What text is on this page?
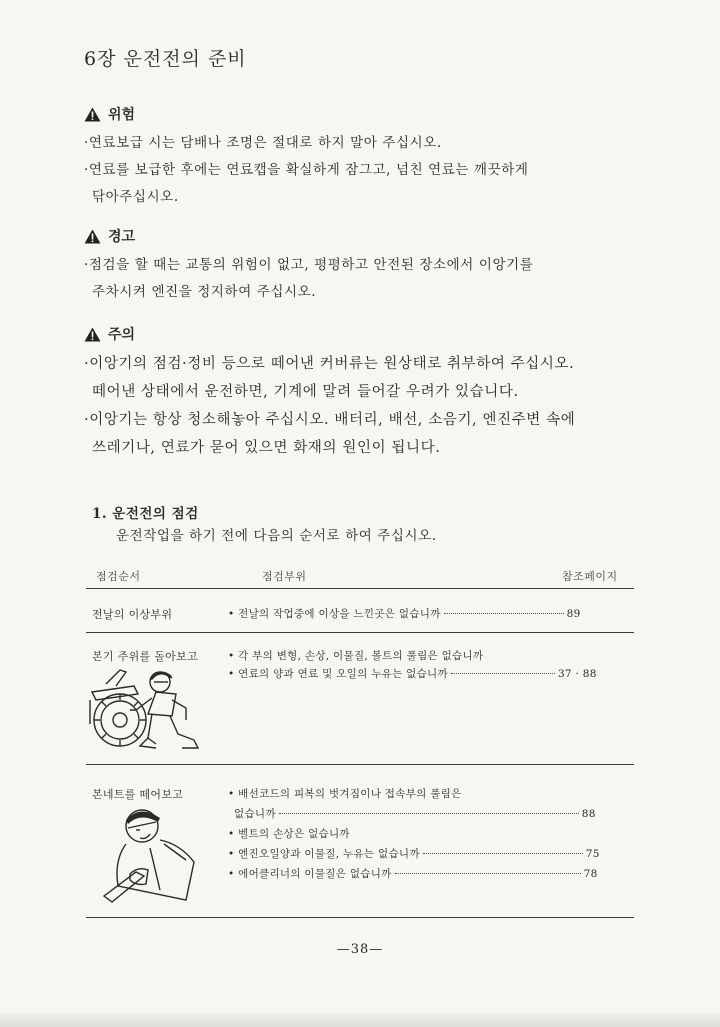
6장 운전전의 준비
위험
·연료보급 시는 담배나 조명은 절대로 하지 말아 주십시오.
·연료를 보급한 후에는 연료캡을 확실하게 잠그고, 넘친 연료는 깨끗하게
닦아주십시오.
경고
·점검을 할 때는 교통의 위험이 없고, 평평하고 안전된 장소에서 이앙기를
주차시켜 엔진을 정지하여 주십시오.
주의
·이앙기의 점검·정비 등으로 떼어낸 커버류는 원상태로 취부하여 주십시오.
떼어낸 상태에서 운전하면, 기계에 말려 들어갈 우려가 있습니다.
·이앙기는 항상 청소해놓아 주십시오. 배터리, 배선, 소음기, 엔진주변 속에
쓰레기나, 연료가 묻어 있으면 화재의 원인이 됩니다.
1. 운전전의 점검
운전작업을 하기 전에 다음의 순서로 하여 주십시오.
점검순서	점검부위	참조페이지
전날의 이상부위	• 전날의 작업중에 이상을 느낀곳은 없습니까	89
본기 주위를 돌아보고	• 각 부의 변형, 손상, 이물질, 볼트의 풀림은 없습니까
• 연료의 양과 연료 및 오일의 누유는 없습니까	37 · 88
본네트를 떼어보고	• 배선코드의 피복의 벗겨짐이나 접속부의 풀림은
없습니까	88
• 벨트의 손상은 없습니까
• 엔진오일양과 이물질, 누유는 없습니까	75
• 에어클리너의 이물질은 없습니까	78
—38—
